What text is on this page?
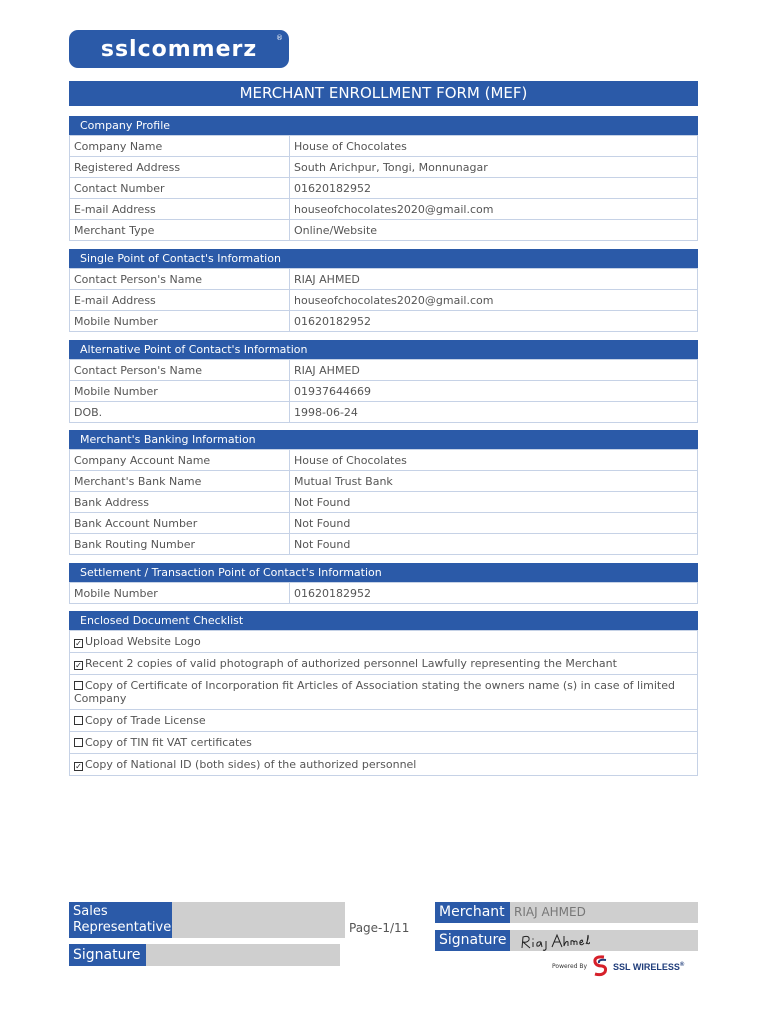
sslcommerz	®
MERCHANT ENROLLMENT FORM (MEF)
Company Profile
Company Name	House of Chocolates
Registered Address	South Arichpur, Tongi, Monnunagar
Contact Number	01620182952
E-mail Address	houseofchocolates2020@gmail.com
Merchant Type	Online/Website
Single Point of Contact's Information
Contact Person's Name	RIAJ AHMED
E-mail Address	houseofchocolates2020@gmail.com
Mobile Number	01620182952
Alternative Point of Contact's Information
Contact Person's Name	RIAJ AHMED
Mobile Number	01937644669
DOB.	1998-06-24
Merchant's Banking Information
Company Account Name	House of Chocolates
Merchant's Bank Name	Mutual Trust Bank
Bank Address	Not Found
Bank Account Number	Not Found
Bank Routing Number	Not Found
Settlement / Transaction Point of Contact's Information
Mobile Number	01620182952
Enclosed Document Checklist
✓ Upload Website Logo
✓ Recent 2 copies of valid photograph of authorized personnel Lawfully representing the Merchant
Copy of Certificate of Incorporation fit Articles of Association stating the owners name (s) in case of limited Company
Copy of Trade License
Copy of TIN fit VAT certificates
✓ Copy of National ID (both sides) of the authorized personnel
Sales
Representative
Signature
Page-1/11
Merchant RIAJ AHMED
Signature
Powered By	SSL WIRELESS®
